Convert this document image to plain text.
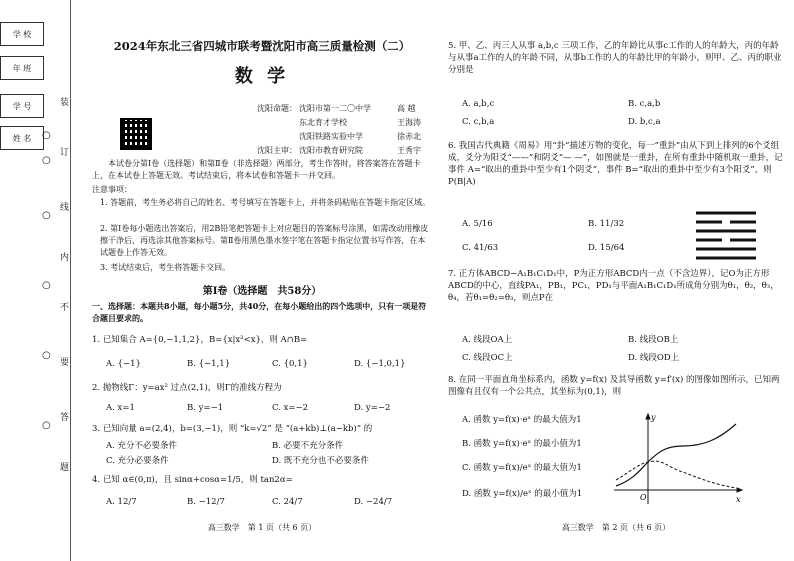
学 校
年 班
学 号
姓 名
装
订
线
内
不
要
答
题
○
○
○
○
○
○
2024年东北三省四城市联考暨沈阳市高三质量检测（二）
数 学
沈阳命题： 沈阳市第一二〇中学	高 越
东北育才学校	王海涛
沈阳铁路实验中学	徐赤北
沈阳主审： 沈阳市教育研究院	王秀宇
本试卷分第Ⅰ卷（选择题）和第Ⅱ卷（非选择题）两部分，考生作答时，将答案答在答题卡上，在本试卷上答题无效。考试结束后，将本试卷和答题卡一并交回。
注意事项：
1. 答题前，考生务必将自己的姓名、考号填写在答题卡上，并将条码粘贴在答题卡指定区域。
2. 第Ⅰ卷每小题选出答案后，用2B铅笔把答题卡上对应题目的答案标号涂黑，如需改动用橡皮擦干净后，再选涂其他答案标号。第Ⅱ卷用黑色墨水签字笔在答题卡指定位置书写作答，在本试题卷上作答无效。
3. 考试结束后，考生将答题卡交回。
第Ⅰ卷（选择题　共58分）
一、选择题：本题共8小题，每小题5分，共40分，在每小题给出的四个选项中，只有一项是符合题目要求的。
1. 已知集合 A={0,−1,1,2}，B={x|x²<x}，则 A∩B=
A. {−1}	B. {−1,1}	C. {0,1}	D. {−1,0,1}
2. 抛物线Γ：y=ax² 过点(2,1)，则Γ的准线方程为
A. x=1	B. y=−1	C. x=−2	D. y=−2
3. 已知向量 a=(2,4)，b=(3,−1)，则 “k=√2” 是 “(a+kb)⊥(a−kb)” 的
A. 充分不必要条件	B. 必要不充分条件
C. 充分必要条件	D. 既不充分也不必要条件
4. 已知 α∈(0,π)，且 sinα+cosα=1/5，则 tan2α=
A. 12/7	B. −12/7	C. 24/7	D. −24/7
高三数学　第 1 页（共 6 页）
5. 甲、乙、丙三人从事 a,b,c 三项工作，乙的年龄比从事c工作的人的年龄大，丙的年龄与从事a工作的人的年龄不同，从事b工作的人的年龄比甲的年龄小，则甲、乙、丙的职业分别是
A. a,b,c	B. c,a,b
C. c,b,a	D. b,c,a
6. 我国古代典籍《周易》用“卦”描述万物的变化，每一“重卦”由从下到上排列的6个爻组成，爻分为阳爻“——”和阴爻“— —”，如图就是一重卦，在所有重卦中随机取一重卦，记事件 A=“取出的重卦中至少有1个阴爻”，事件 B=“取出的重卦中至少有3个阳爻”，则 P(B|A)
A. 5/16	B. 11/32
C. 41/63	D. 15/64
7. 正方体ABCD−A₁B₁C₁D₁中，P为正方形ABCD内一点（不含边界），记O为正方形ABCD的中心，直线PA₁，PB₁，PC₁，PD₁与平面A₁B₁C₁D₁所成角分别为θ₁，θ₂，θ₃，θ₄，若θ₁=θ₂=θ₃，则点P在
A. 线段OA上	B. 线段OB上
C. 线段OC上	D. 线段OD上
8. 在同一平面直角坐标系内，函数 y=f(x) 及其导函数 y=f′(x) 的图像如图所示，已知两图像有且仅有一个公共点，其坐标为(0,1)，则
A. 函数 y=f(x)·eˣ 的最大值为1
B. 函数 y=f(x)·eˣ 的最小值为1
C. 函数 y=f(x)/eˣ 的最大值为1
D. 函数 y=f(x)/eˣ 的最小值为1
y
x
O
高三数学　第 2 页（共 6 页）
